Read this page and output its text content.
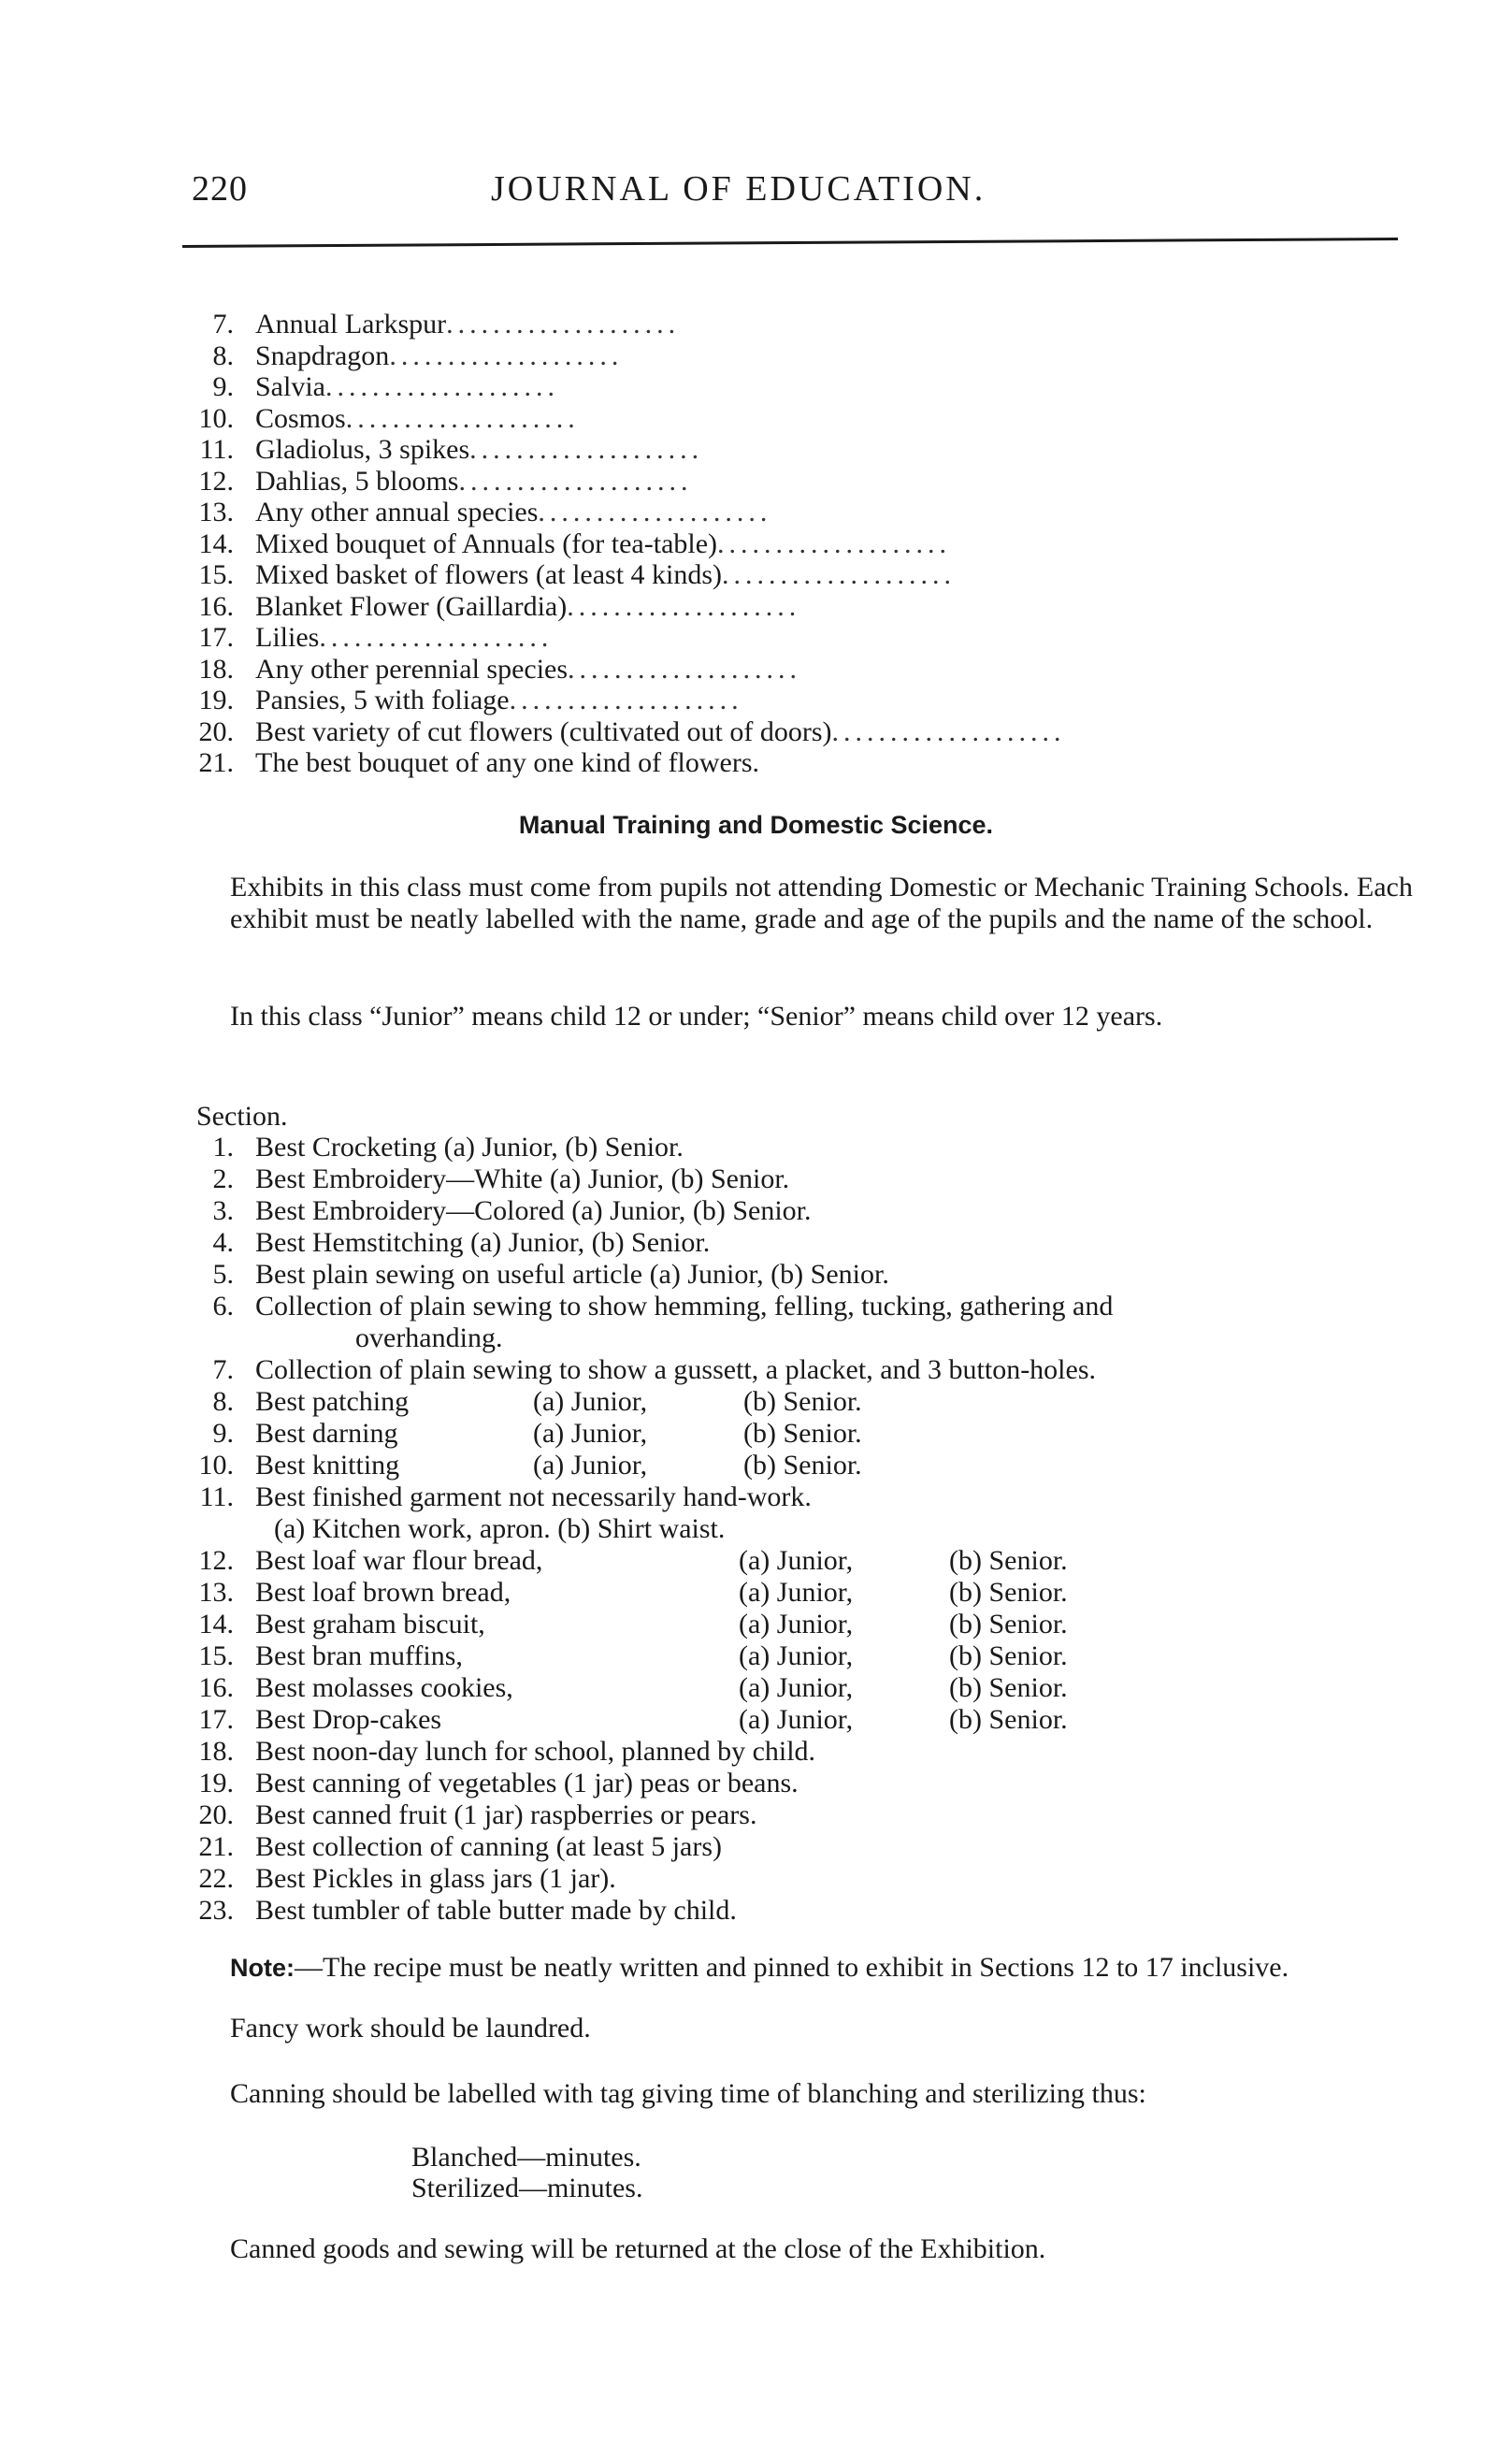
220	JOURNAL OF EDUCATION.
7. Annual Larkspur....................
8. Snapdragon....................
9. Salvia....................
10. Cosmos....................
11. Gladiolus, 3 spikes....................
12. Dahlias, 5 blooms....................
13. Any other annual species....................
14. Mixed bouquet of Annuals (for tea-table)....................
15. Mixed basket of flowers (at least 4 kinds)....................
16. Blanket Flower (Gaillardia)....................
17. Lilies....................
18. Any other perennial species....................
19. Pansies, 5 with foliage....................
20. Best variety of cut flowers (cultivated out of doors)....................
21. The best bouquet of any one kind of flowers.
Manual Training and Domestic Science.

Exhibits in this class must come from pupils not attending Domestic or Mechanic Training Schools. Each exhibit must be neatly labelled with the name, grade and age of the pupils and the name of the school.

In this class “Junior” means child 12 or under; “Senior” means child over 12 years.

Section.
1. Best Crocketing (a) Junior, (b) Senior.
2. Best Embroidery—White (a) Junior, (b) Senior.
3. Best Embroidery—Colored (a) Junior, (b) Senior.
4. Best Hemstitching (a) Junior, (b) Senior.
5. Best plain sewing on useful article (a) Junior, (b) Senior.
6. Collection of plain sewing to show hemming, felling, tucking, gathering and
overhanding.
7. Collection of plain sewing to show a gussett, a placket, and 3 button-holes.
8. Best patching	(a) Junior,	(b) Senior.
9. Best darning	(a) Junior,	(b) Senior.
10. Best knitting	(a) Junior,	(b) Senior.
11. Best finished garment not necessarily hand-work.
(a) Kitchen work, apron. (b) Shirt waist.
12. Best loaf war flour bread,	(a) Junior,	(b) Senior.
13. Best loaf brown bread,	(a) Junior,	(b) Senior.
14. Best graham biscuit,	(a) Junior,	(b) Senior.
15. Best bran muffins,	(a) Junior,	(b) Senior.
16. Best molasses cookies,	(a) Junior,	(b) Senior.
17. Best Drop-cakes	(a) Junior,	(b) Senior.
18. Best noon-day lunch for school, planned by child.
19. Best canning of vegetables (1 jar) peas or beans.
20. Best canned fruit (1 jar) raspberries or pears.
21. Best collection of canning (at least 5 jars)
22. Best Pickles in glass jars (1 jar).
23. Best tumbler of table butter made by child.

Note:—The recipe must be neatly written and pinned to exhibit in Sections 12 to 17 inclusive.

Fancy work should be laundred.

Canning should be labelled with tag giving time of blanching and sterilizing thus:

Blanched—minutes.
Sterilized—minutes.

Canned goods and sewing will be returned at the close of the Exhibition.
